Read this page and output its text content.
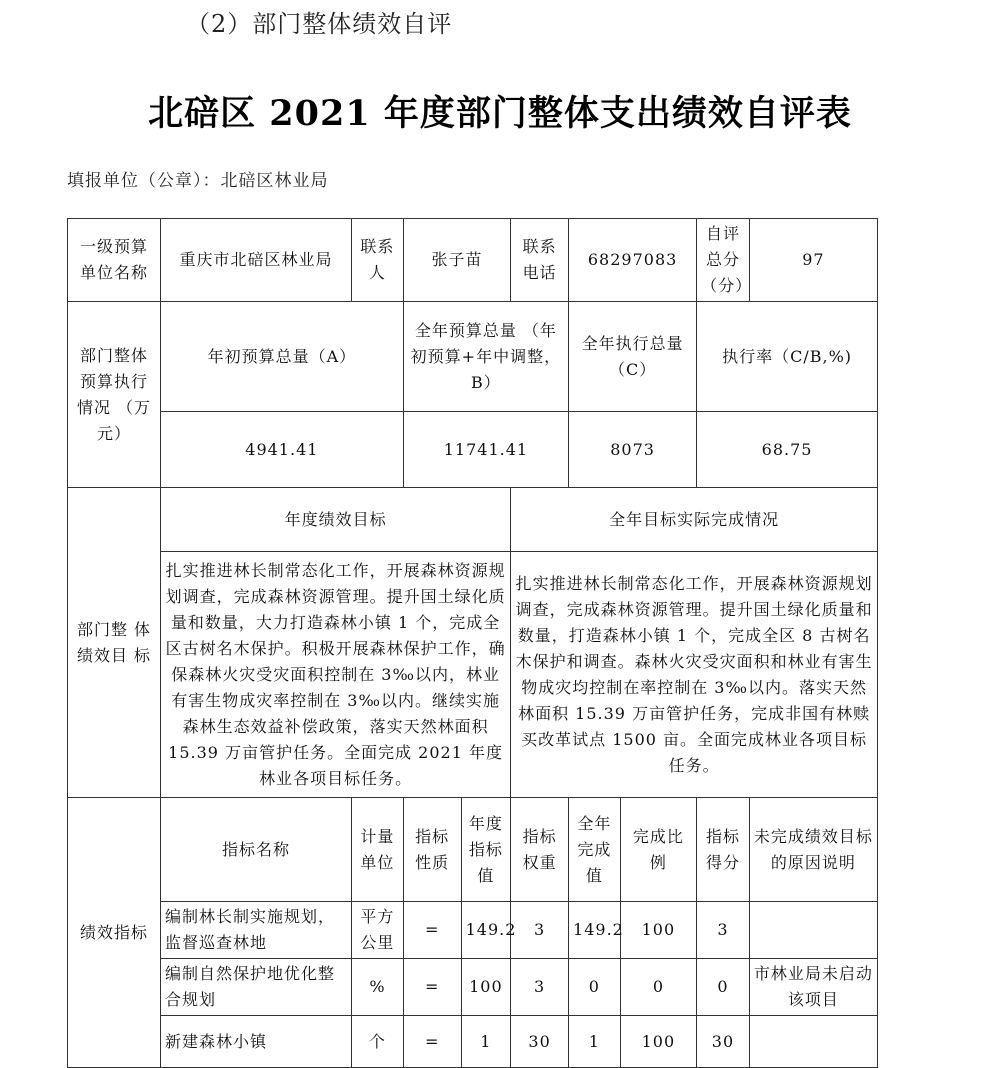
（2）部门整体绩效自评
北碚区 2021 年度部门整体支出绩效自评表
填报单位（公章）：北碚区林业局
一级预算 单位名称	重庆市北碚区林业局	联系人	张子苗		联系电话	68297083		自评总分 （分）	97
部门整体 预算执行 情况 （万元）	年初预算总量（A）		全年预算总量 （年初预算+年中调整，B）			全年执行总量 （C）		执行率（C/B,%)	
	4941.41		11741.41			8073		68.75	
部门整 体 绩效目 标	年度绩效目标				全年目标实际完成情况				
	扎实推进林长制常态化工作，开展森林资源规划调查，完成森林资源管理。提升国土绿化质量和数量，大力打造森林小镇 1 个，完成全区古树名木保护。积极开展森林保护工作，确保森林火灾受灾面积控制在 3‰以内，林业有害生物成灾率控制在 3‰以内。继续实施森林生态效益补偿政策，落实天然林面积 15.39 万亩管护任务。全面完成 2021 年度林业各项目标任务。				扎实推进林长制常态化工作，开展森林资源规划调查，完成森林资源管理。提升国土绿化质量和数量，打造森林小镇 1 个，完成全区 8 古树名木保护和调查。森林火灾受灾面积和林业有害生物成灾均控制在率控制在 3‰以内。落实天然林面积 15.39 万亩管护任务，完成非国有林赎买改革试点 1500 亩。全面完成林业各项目标任务。				
绩效指标	指标名称	计量单位	指标性质	年度指标值	指标权重	全年完成值	完成比例	指标得分	未完成绩效目标的原因说明
	编制林长制实施规划，监督巡查林地	平方公里	=	149.2	3	149.2	100	3	
	编制自然保护地优化整合规划	%	=	100	3	0	0	0	市林业局未启动该项目
	新建森林小镇	个	=	1	30	1	100	30	
